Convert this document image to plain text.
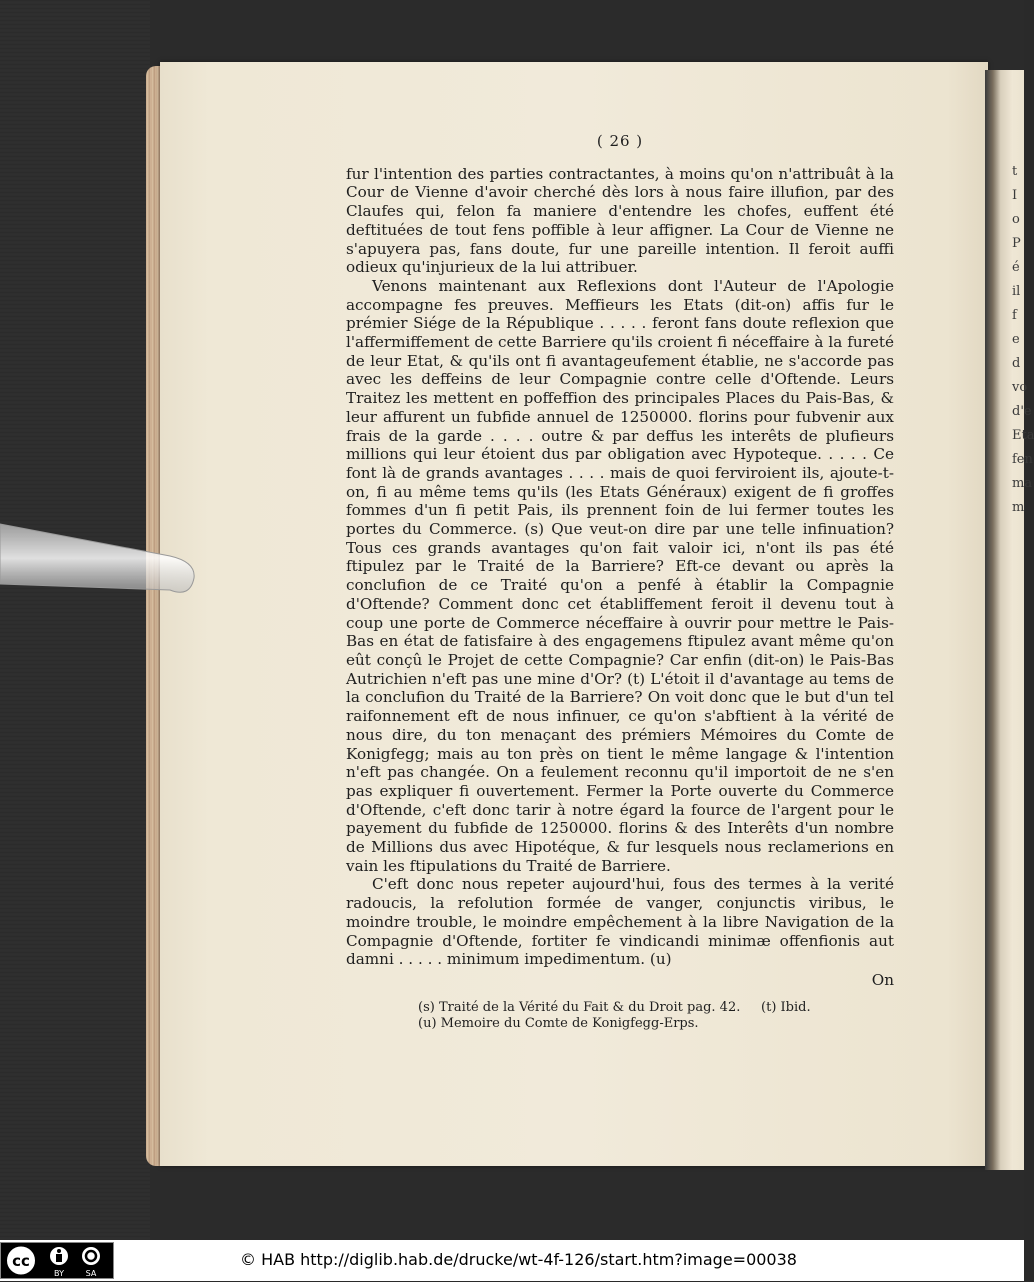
t
I
o
P
é
il
f
e
d
vo
d'e
Eta
fen
ma
m
( 26 )

fur l'intention des parties contractantes, à moins qu'on n'attribuât à la Cour de Vienne d'avoir cherché dès lors à nous faire illufion, par des Claufes qui, felon fa maniere d'entendre les chofes, euffent été deftituées de tout fens poffible à leur affigner. La Cour de Vienne ne s'apuyera pas, fans doute, fur une pareille intention. Il feroit auffi odieux qu'injurieux de la lui attribuer.

Venons maintenant aux Reflexions dont l'Auteur de l'Apologie accompagne fes preuves. Meffieurs les Etats (dit-on) affis fur le prémier Siége de la République . . . . . feront fans doute reflexion que l'affermiffement de cette Barriere qu'ils croient fi néceffaire à la fureté de leur Etat, & qu'ils ont fi avantageufement établie, ne s'accorde pas avec les deffeins de leur Compagnie contre celle d'Oftende. Leurs Traitez les mettent en poffeffion des principales Places du Pais-Bas, & leur affurent un fubfide annuel de 1250000. florins pour fubvenir aux frais de la garde . . . . outre & par deffus les interêts de plufieurs millions qui leur étoient dus par obligation avec Hypoteque. . . . . Ce font là de grands avantages . . . . mais de quoi ferviroient ils, ajoute-t-on, fi au même tems qu'ils (les Etats Généraux) exigent de fi groffes fommes d'un fi petit Pais, ils prennent foin de lui fermer toutes les portes du Commerce. (s) Que veut-on dire par une telle infinuation? Tous ces grands avantages qu'on fait valoir ici, n'ont ils pas été ftipulez par le Traité de la Barriere? Eft-ce devant ou après la conclufion de ce Traité qu'on a penfé à établir la Compagnie d'Oftende? Comment donc cet établiffement feroit il devenu tout à coup une porte de Commerce néceffaire à ouvrir pour mettre le Pais-Bas en état de fatisfaire à des engagemens ftipulez avant même qu'on eût conçû le Projet de cette Compagnie? Car enfin (dit-on) le Pais-Bas Autrichien n'eft pas une mine d'Or? (t) L'étoit il d'avantage au tems de la conclufion du Traité de la Barriere? On voit donc que le but d'un tel raifonnement eft de nous infinuer, ce qu'on s'abftient à la vérité de nous dire, du ton menaçant des prémiers Mémoires du Comte de Konigfegg; mais au ton près on tient le même langage & l'intention n'eft pas changée. On a feulement reconnu qu'il importoit de ne s'en pas expliquer fi ouvertement. Fermer la Porte ouverte du Commerce d'Oftende, c'eft donc tarir à notre égard la fource de l'argent pour le payement du fubfide de 1250000. florins & des Interêts d'un nombre de Millions dus avec Hipotéque, & fur lesquels nous reclamerions en vain les ftipulations du Traité de Barriere.

C'eft donc nous repeter aujourd'hui, fous des termes à la verité radoucis, la refolution formée de vanger, conjunctis viribus, le moindre trouble, le moindre empêchement à la libre Navigation de la Compagnie d'Oftende, fortiter fe vindicandi minimæ offenfionis aut damni . . . . . minimum impedimentum. (u)

On
(s) Traité de la Vérité du Fait & du Droit pag. 42.     (t) Ibid.
(u) Memoire du Comte de Konigfegg-Erps.
cc
BY	SA
© HAB http://diglib.hab.de/drucke/wt-4f-126/start.htm?image=00038
